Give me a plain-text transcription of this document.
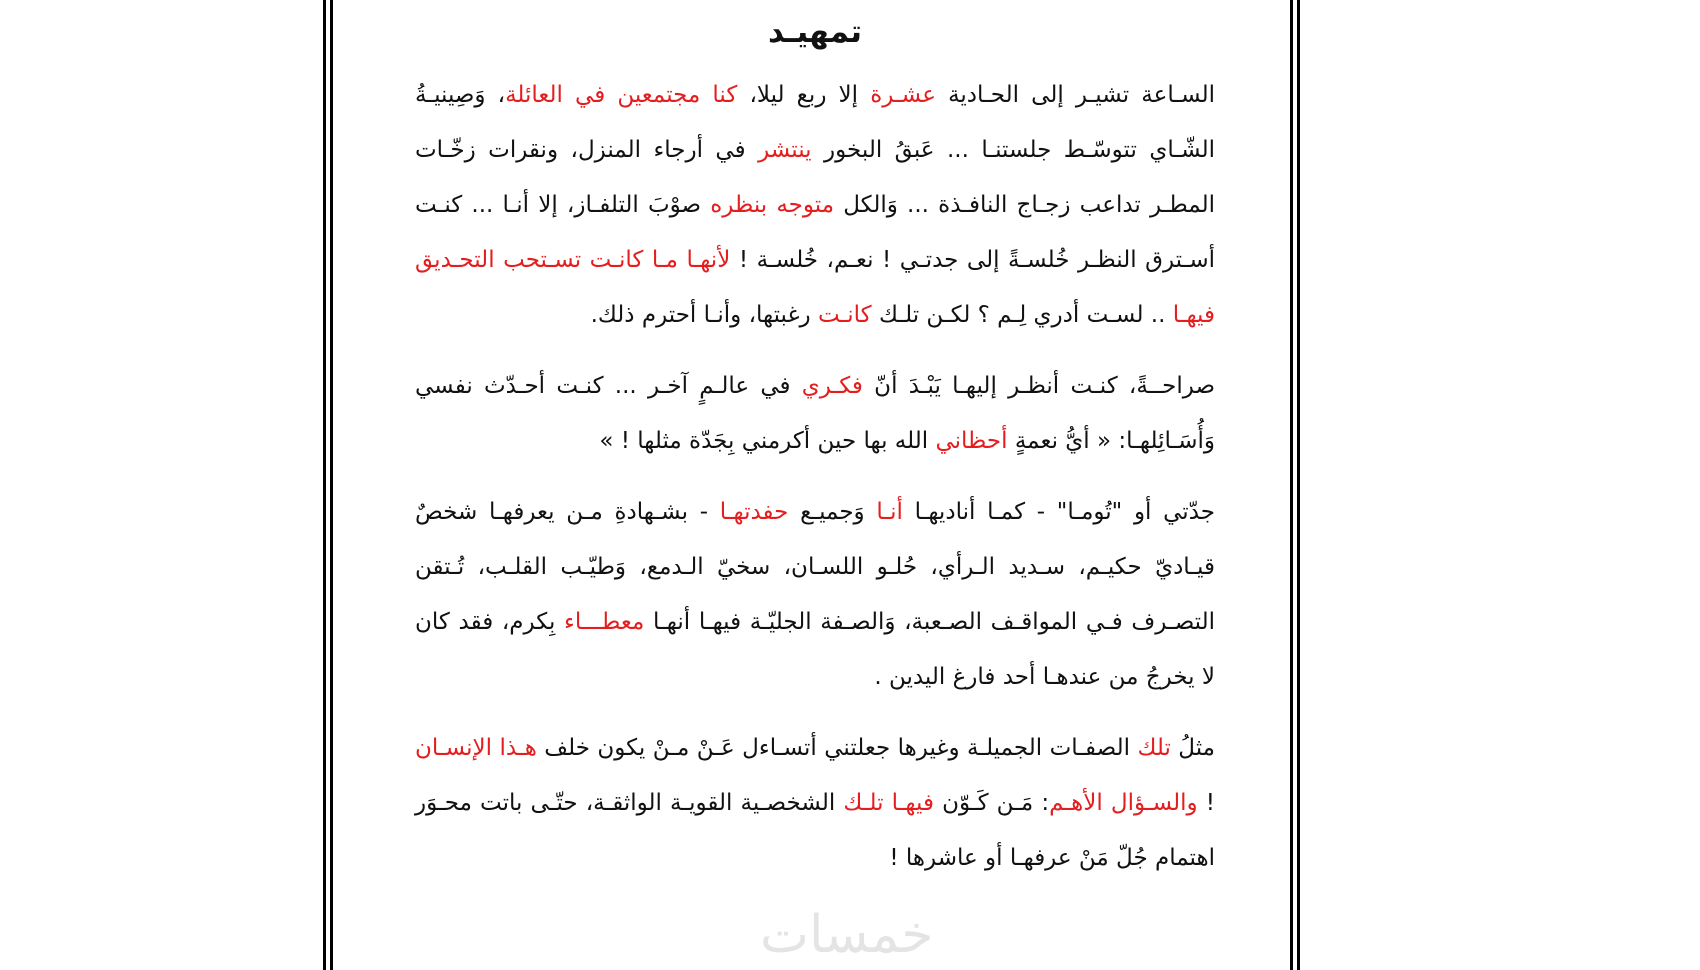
تمهيـد

السـاعة تشيـر إلى الحـادية عشـرة إلا ربع ليلا، كنا مجتمعين في العائلة، وَصِينيـةُ الشّـاي تتوسّـط جلستنـا ... عَبقُ البخور ينتشر في أرجاء المنزل، ونقرات زخّـات المطـر تداعب زجـاج النافـذة ... وَالكل متوجه بنظره صوْبَ التلفـاز، إلا أنـا ... كنـت أسـترق النظـر خُلسـةً إلى جدتـي ! نعـم، خُلسـة ! لأنهـا مـا كانـت تسـتحب التحـديق فيهـا .. لسـت أدري لِـم ؟ لكـن تلـك كانـت رغبتها، وأنـا أحترم ذلك.

صراحــةً، كنـت أنظـر إليهـا يَبْـدَ أنّ فكـري في عالـمٍ آخـر ... كنـت أحـدّث نفسي وَأُسَـائِلهـا: « أيُّ نعمةٍ أحظاني الله بها حين أكرمني بِجَدّة مثلها ! »

جدّتي أو "تُومـا" - كمـا أناديهـا أنـا وَجميـع حفدتهـا - بشـهادةِ مـن يعرفهـا شخصٌ قيـاديّ حكيـم، سـديد الـرأي، حُلـو اللسـان، سخيّ الـدمع، وَطيّـب القلـب، تُـتقن التصـرف فـي المواقـف الصـعبة، وَالصـفة الجليّـة فيهـا أنهـا معطـــاء بِكرم، فقد كان لا يخرجُ من عندهـا أحد فارغ اليدين .

مثلُ تلك الصفـات الجميلـة وغيرها جعلتني أتسـاءل عَـنْ مـنْ يكون خلف هـذا الإنسـان ! والسـؤال الأهـم: مَـن كَـوّن فيهـا تلـك الشخصـية القويـة الواثقـة، حتّـى باتت محـوَر اهتمام جُلّ مَنْ عرفهـا أو عاشرها !

خمسات
